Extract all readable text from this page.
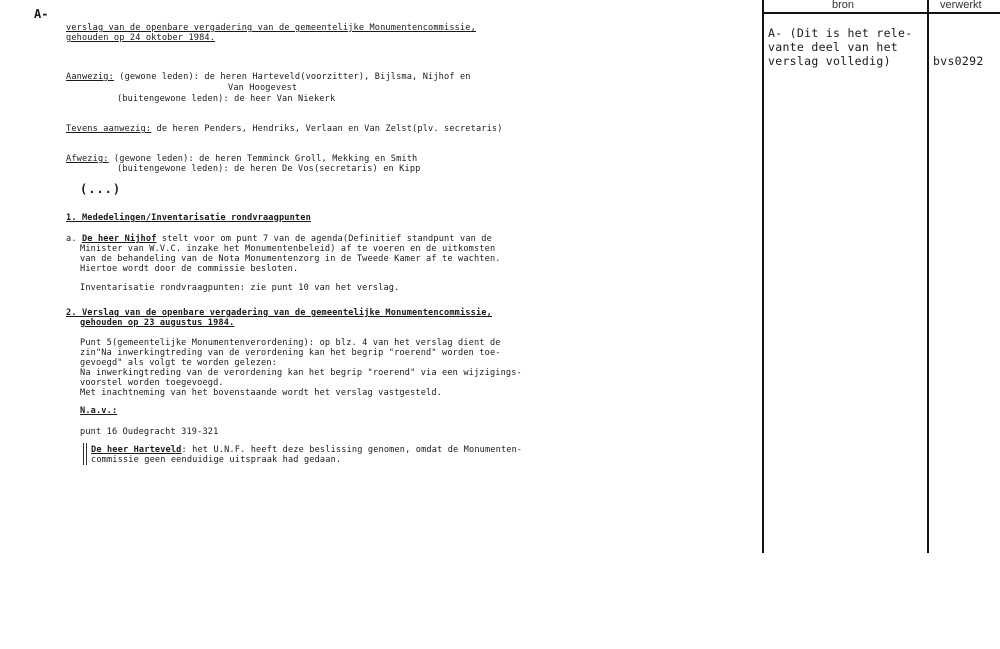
A-
verslag van de openbare vergadering van de gemeentelijke Monumentencommissie,
gehouden op 24 oktober 1984.
Aanwezig: (gewone leden): de heren Harteveld(voorzitter), Bijlsma, Nijhof en
Van Hoogevest
(buitengewone leden): de heer Van Niekerk
Tevens aanwezig: de heren Penders, Hendriks, Verlaan en Van Zelst(plv. secretaris)
Afwezig: (gewone leden): de heren Temminck Groll, Mekking en Smith
(buitengewone leden): de heren De Vos(secretaris) en Kipp
(...)
1. Mededelingen/Inventarisatie rondvraagpunten
a. De heer Nijhof stelt voor om punt 7 van de agenda(Definitief standpunt van de
Minister van W.V.C. inzake het Monumentenbeleid) af te voeren en de uitkomsten
van de behandeling van de Nota Monumentenzorg in de Tweede Kamer af te wachten.
Hiertoe wordt door de commissie besloten.
Inventarisatie rondvraagpunten: zie punt 10 van het verslag.
2. Verslag van de openbare vergadering van de gemeentelijke Monumentencommissie,
gehouden op 23 augustus 1984.
Punt 5(gemeentelijke Monumentenverordening): op blz. 4 van het verslag dient de
zin"Na inwerkingtreding van de verordening kan het begrip "roerend" worden toe-
gevoegd" als volgt te worden gelezen:
Na inwerkingtreding van de verordening kan het begrip "roerend" via een wijzigings-
voorstel worden toegevoegd.
Met inachtneming van het bovenstaande wordt het verslag vastgesteld.
N.a.v.:
punt 16 Oudegracht 319-321
De heer Harteveld: het U.N.F. heeft deze beslissing genomen, omdat de Monumenten-
commissie geen eenduidige uitspraak had gedaan.
bron	verwerkt
A- (Dit is het rele-
vante deel van het
verslag volledig)	bvs0292
